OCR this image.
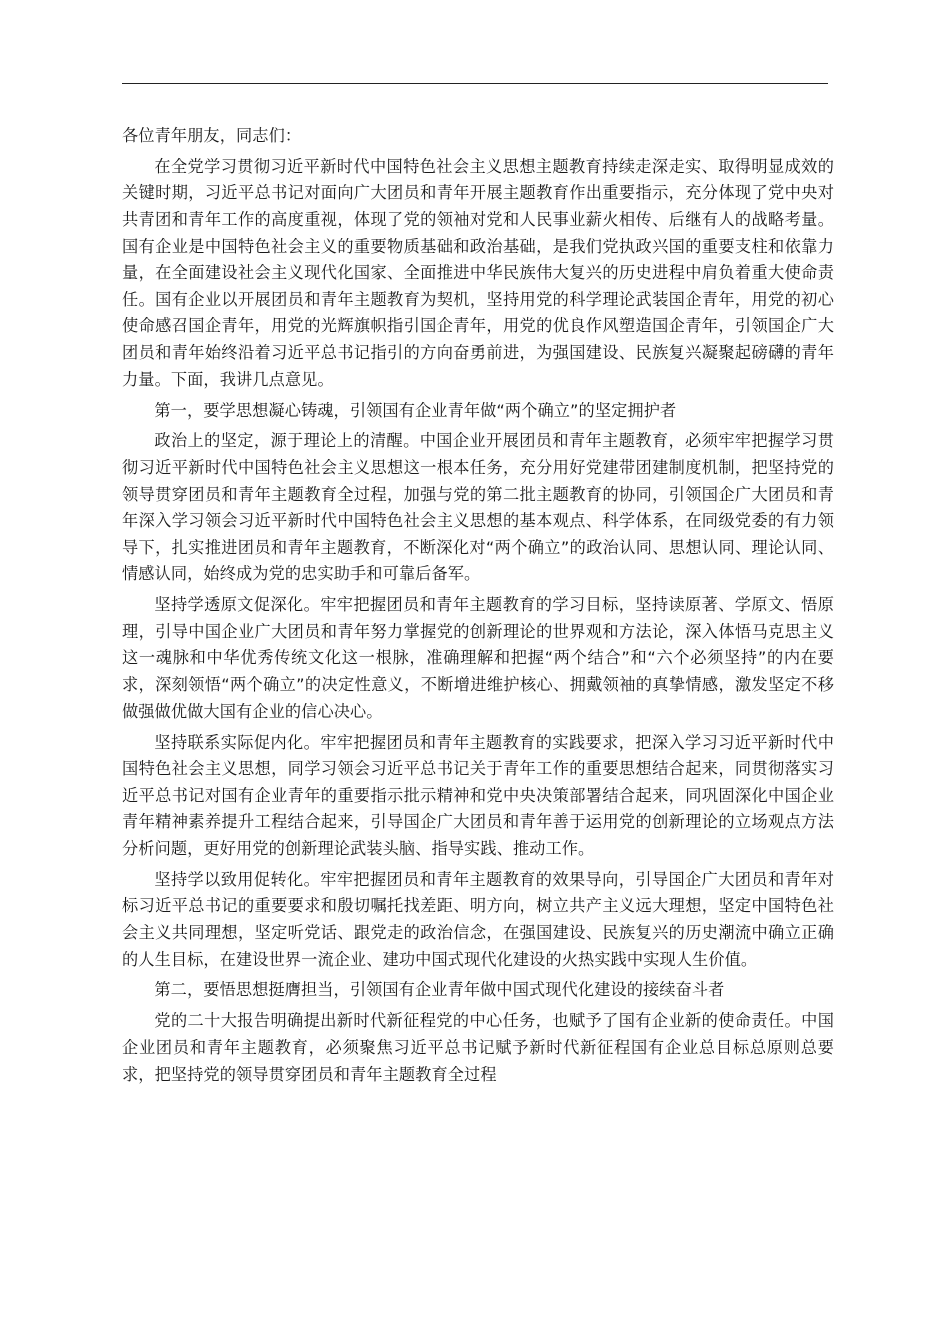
各位青年朋友，同志们：

在全党学习贯彻习近平新时代中国特色社会主义思想主题教育持续走深走实、取得明显成效的关键时期，习近平总书记对面向广大团员和青年开展主题教育作出重要指示，充分体现了党中央对共青团和青年工作的高度重视，体现了党的领袖对党和人民事业薪火相传、后继有人的战略考量。国有企业是中国特色社会主义的重要物质基础和政治基础，是我们党执政兴国的重要支柱和依靠力量，在全面建设社会主义现代化国家、全面推进中华民族伟大复兴的历史进程中肩负着重大使命责任。国有企业以开展团员和青年主题教育为契机，坚持用党的科学理论武装国企青年，用党的初心使命感召国企青年，用党的光辉旗帜指引国企青年，用党的优良作风塑造国企青年，引领国企广大团员和青年始终沿着习近平总书记指引的方向奋勇前进，为强国建设、民族复兴凝聚起磅礴的青年力量。下面，我讲几点意见。

第一，要学思想凝心铸魂，引领国有企业青年做“两个确立”的坚定拥护者

政治上的坚定，源于理论上的清醒。中国企业开展团员和青年主题教育，必须牢牢把握学习贯彻习近平新时代中国特色社会主义思想这一根本任务，充分用好党建带团建制度机制，把坚持党的领导贯穿团员和青年主题教育全过程，加强与党的第二批主题教育的协同，引领国企广大团员和青年深入学习领会习近平新时代中国特色社会主义思想的基本观点、科学体系，在同级党委的有力领导下，扎实推进团员和青年主题教育，不断深化对“两个确立”的政治认同、思想认同、理论认同、情感认同，始终成为党的忠实助手和可靠后备军。

坚持学透原文促深化。牢牢把握团员和青年主题教育的学习目标，坚持读原著、学原文、悟原理，引导中国企业广大团员和青年努力掌握党的创新理论的世界观和方法论，深入体悟马克思主义这一魂脉和中华优秀传统文化这一根脉，准确理解和把握“两个结合”和“六个必须坚持”的内在要求，深刻领悟“两个确立”的决定性意义，不断增进维护核心、拥戴领袖的真挚情感，激发坚定不移做强做优做大国有企业的信心决心。

坚持联系实际促内化。牢牢把握团员和青年主题教育的实践要求，把深入学习习近平新时代中国特色社会主义思想，同学习领会习近平总书记关于青年工作的重要思想结合起来，同贯彻落实习近平总书记对国有企业青年的重要指示批示精神和党中央决策部署结合起来，同巩固深化中国企业青年精神素养提升工程结合起来，引导国企广大团员和青年善于运用党的创新理论的立场观点方法分析问题，更好用党的创新理论武装头脑、指导实践、推动工作。

坚持学以致用促转化。牢牢把握团员和青年主题教育的效果导向，引导国企广大团员和青年对标习近平总书记的重要要求和殷切嘱托找差距、明方向，树立共产主义远大理想，坚定中国特色社会主义共同理想，坚定听党话、跟党走的政治信念，在强国建设、民族复兴的历史潮流中确立正确的人生目标，在建设世界一流企业、建功中国式现代化建设的火热实践中实现人生价值。

第二，要悟思想挺膺担当，引领国有企业青年做中国式现代化建设的接续奋斗者

党的二十大报告明确提出新时代新征程党的中心任务，也赋予了国有企业新的使命责任。中国企业团员和青年主题教育，必须聚焦习近平总书记赋予新时代新征程国有企业总目标总原则总要求，把坚持党的领导贯穿团员和青年主题教育全过程
